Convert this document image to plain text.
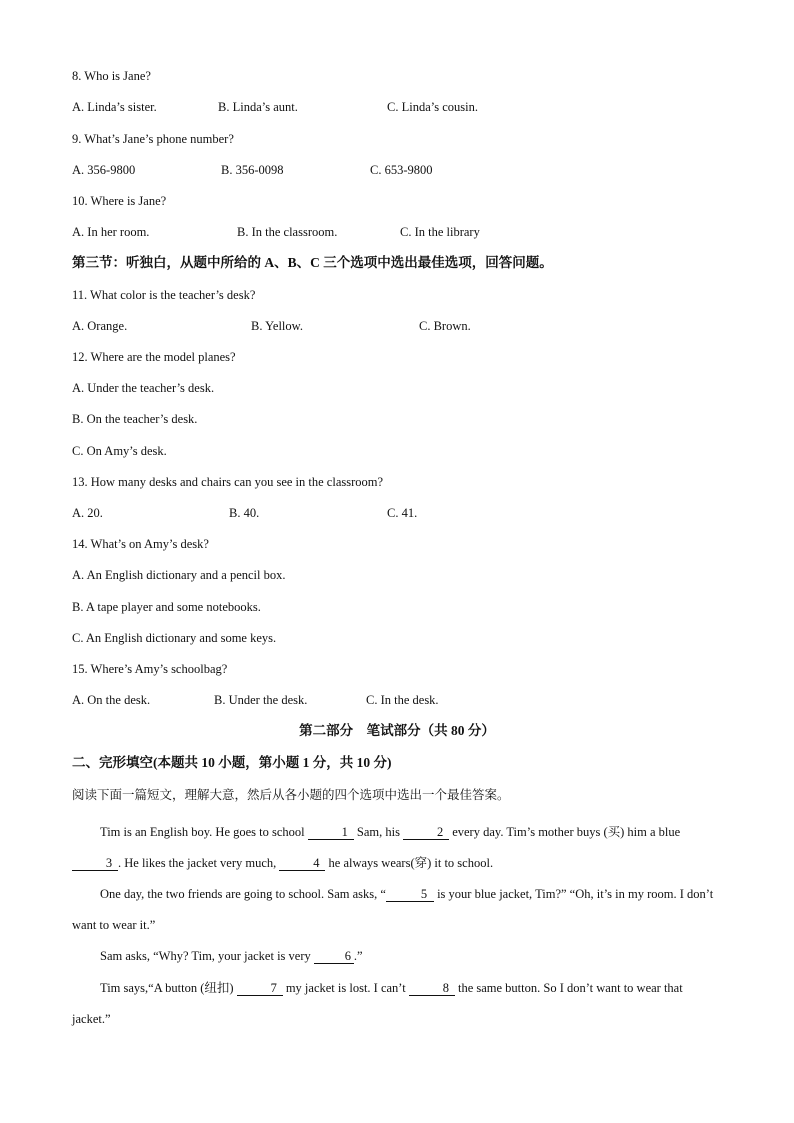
8. Who is Jane?
A. Linda’s sister.	B. Linda’s aunt.	C. Linda’s cousin.
9. What’s Jane’s phone number?
A. 356-9800	B. 356-0098	C. 653-9800
10. Where is Jane?
A. In her room.	B. In the classroom.	C. In the library
第三节：听独白，从题中所给的 A、B、C 三个选项中选出最佳选项，回答问题。
11. What color is the teacher’s desk?
A. Orange.	B. Yellow.	C. Brown.
12. Where are the model planes?
A. Under the teacher’s desk.
B. On the teacher’s desk.
C. On Amy’s desk.
13. How many desks and chairs can you see in the classroom?
A. 20.	B. 40.	C. 41.
14. What’s on Amy’s desk?
A. An English dictionary and a pencil box.
B. A tape player and some notebooks.
C. An English dictionary and some keys.
15. Where’s Amy’s schoolbag?
A. On the desk.	B. Under the desk.	C. In the desk.
第二部分　笔试部分（共 80 分）
二、完形填空(本题共 10 小题，第小题 1 分，共 10 分)
阅读下面一篇短文，理解大意，然后从各小题的四个选项中选出一个最佳答案。
Tim is an English boy. He goes to school	1 Sam, his	2 every day. Tim’s mother buys (买) him a blue 3 . He likes the jacket very much,	4 he always wears(穿) it to school.
One day, the two friends are going to school. Sam asks, “	5 is your blue jacket, Tim?” “Oh, it’s in my room. I don’t want to wear it.”
Sam asks, “Why? Tim, your jacket is very 6 .”
Tim says,“A button (纽扣)	7 my jacket is lost. I can’t	8 the same button. So I don’t want to wear that jacket.”
